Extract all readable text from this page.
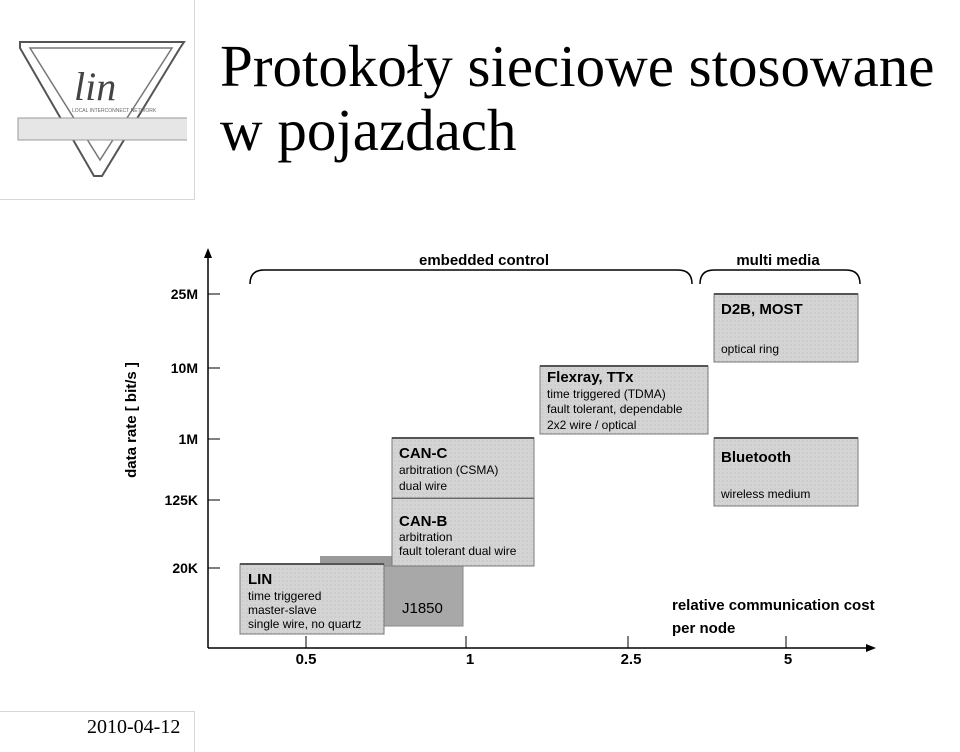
lin
LOCAL INTERCONNECT NETWORK
Protokoły sieciowe stosowane
w pojazdach
25M
10M
1M
125K
20K
0.5	1	2.5	5
data rate [ bit/s ]
embedded control	multi media
J1850
LIN
time triggered
master-slave
single wire, no quartz
CAN-B
arbitration
fault tolerant dual wire
CAN-C
arbitration (CSMA)
dual wire
Flexray, TTx
time triggered (TDMA)
fault tolerant, dependable
2x2 wire / optical
Bluetooth
wireless medium
D2B, MOST
optical ring
relative communication cost
per node
2010-04-12
